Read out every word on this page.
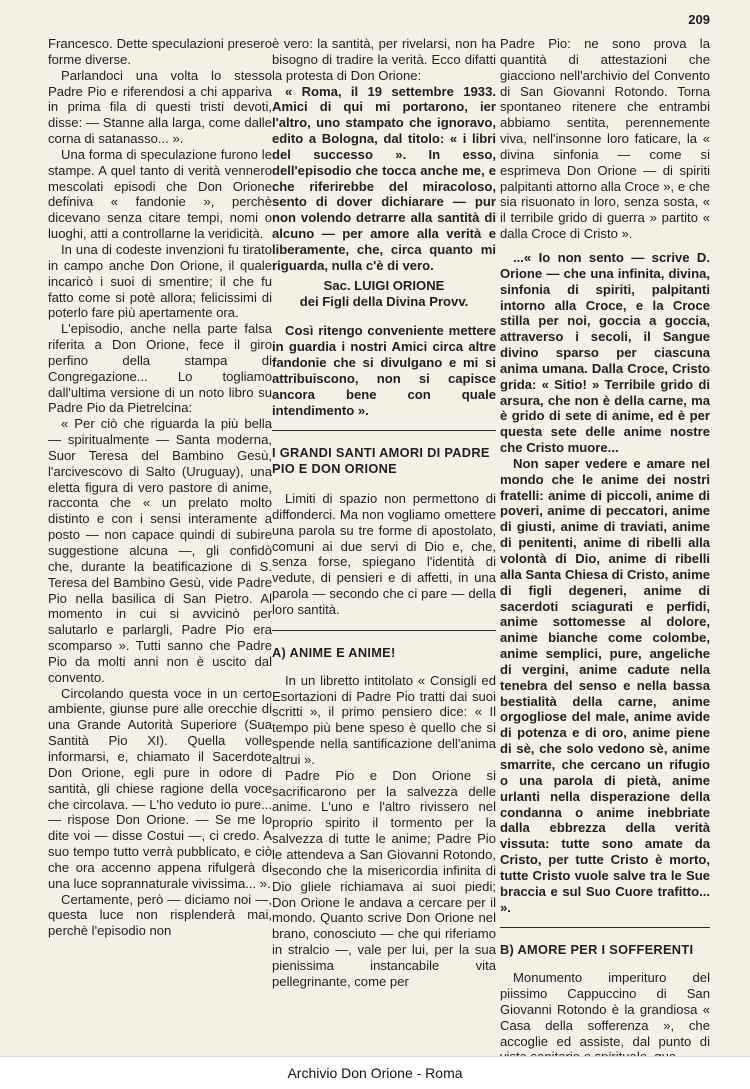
209

Francesco. Dette speculazioni presero forme diverse.

Parlandoci una volta lo stesso Padre Pio e riferendosi a chi appariva in prima fila di questi tristi devoti, disse: — Stanne alla larga, come dalle corna di satanasso... ».

Una forma di speculazione furono le stampe. A quel tanto di verità vennero mescolati episodi che Don Orione definiva « fandonie », perchè dicevano senza citare tempi, nomi o luoghi, atti a controllarne la veridicità.

In una di codeste invenzioni fu tirato in campo anche Don Orione, il quale incaricò i suoi di smentire; il che fu fatto come si potè allora; felicissimi di poterlo fare più apertamente ora.

L'episodio, anche nella parte falsa riferita a Don Orione, fece il giro perfino della stampa di Congregazione... Lo togliamo dall'ultima versione di un noto libro su Padre Pio da Pietrelcina:

« Per ciò che riguarda la più bella — spiritualmente — Santa moderna, Suor Teresa del Bambino Gesù, l'arcivescovo di Salto (Uruguay), una eletta figura di vero pastore di anime, racconta che « un prelato molto distinto e con i sensi interamente a posto — non capace quindi di subire suggestione alcuna —, gli confidò che, durante la beatificazione di S. Teresa del Bambino Gesù, vide Padre Pio nella basilica di San Pietro. Al momento in cui si avvicinò per salutarlo e parlargli, Padre Pio era scomparso ». Tutti sanno che Padre Pio da molti anni non è uscito dal convento.

Circolando questa voce in un certo ambiente, giunse pure alle orecchie di una Grande Autorità Superiore (Sua Santità Pio XI). Quella volle informarsi, e, chiamato il Sacerdote Don Orione, egli pure in odore di santità, gli chiese ragione della voce che circolava. — L'ho veduto io pure... — rispose Don Orione. — Se me lo dite voi — disse Costui —, ci credo. A suo tempo tutto verrà pubblicato, e ciò che ora accenno appena rifulgerà di una luce soprannaturale vivissima... ».

Certamente, però — diciamo noi —, questa luce non risplenderà mai, perchè l'episodio non

è vero: la santità, per rivelarsi, non ha bisogno di tradire la verità. Ecco difatti la protesta di Don Orione:

« Roma, il 19 settembre 1933. Amici di qui mi portarono, ier l'altro, uno stampato che ignoravo, edito a Bologna, dal titolo: « i libri del successo ». In esso, dell'episodio che tocca anche me, e che riferirebbe del miracoloso, sento di dover dichiarare — pur non volendo detrarre alla santità di alcuno — per amore alla verità e liberamente, che, circa quanto mi riguarda, nulla c'è di vero.

Sac. LUIGI ORIONE

dei Figli della Divina Provv.

Così ritengo conveniente mettere in guardia i nostri Amici circa altre fandonie che si divulgano e mi si attribuiscono, non si capisce ancora bene con quale intendimento ».

I GRANDI SANTI AMORI DI PADRE PIO E DON ORIONE

Limiti di spazio non permettono di diffonderci. Ma non vogliamo omettere una parola su tre forme di apostolato, comuni ai due servi di Dio e, che, senza forse, spiegano l'identità di vedute, di pensieri e di affetti, in una parola — secondo che ci pare — della loro santità.

A) ANIME E ANIME!

In un libretto intitolato « Consigli ed Esortazioni di Padre Pio tratti dai suoi scritti », il primo pensiero dice: « Il tempo più bene speso è quello che si spende nella santificazione dell'anima altrui ».

Padre Pio e Don Orione si sacrificarono per la salvezza delle anime. L'uno e l'altro rivissero nel proprio spirito il tormento per la salvezza di tutte le anime; Padre Pio le attendeva a San Giovanni Rotondo, secondo che la misericordia infinita di Dio gliele richiamava ai suoi piedi; Don Orione le andava a cercare per il mondo. Quanto scrive Don Orione nel brano, conosciuto — che qui riferiamo in stralcio —, vale per lui, per la sua pienissima instancabile vita pellegrinante, come per

Padre Pio: ne sono prova la quantità di attestazioni che giacciono nell'archivio del Convento di San Giovanni Rotondo. Torna spontaneo ritenere che entrambi abbiamo sentita, perennemente viva, nell'insonne loro faticare, la « divina sinfonia — come si esprimeva Don Orione — di spiriti palpitanti attorno alla Croce », e che sia risuonato in loro, senza sosta, « il terribile grido di guerra » partito « dalla Croce di Cristo ».

...« Io non sento — scrive D. Orione — che una infinita, divina, sinfonia di spiriti, palpitanti intorno alla Croce, e la Croce stilla per noi, goccia a goccia, attraverso i secoli, il Sangue divino sparso per ciascuna anima umana. Dalla Croce, Cristo grida: « Sitio! » Terribile grido di arsura, che non è della carne, ma è grido di sete di anime, ed è per questa sete delle anime nostre che Cristo muore...

Non saper vedere e amare nel mondo che le anime dei nostri fratelli: anime di piccoli, anime di poveri, anime di peccatori, anime di giusti, anime di traviati, anime di penitenti, anime di ribelli alla volontà di Dio, anime di ribelli alla Santa Chiesa di Cristo, anime di figli degeneri, anime di sacerdoti sciagurati e perfidi, anime sottomesse al dolore, anime bianche come colombe, anime semplici, pure, angeliche di vergini, anime cadute nella tenebra del senso e nella bassa bestialità della carne, anime orgogliose del male, anime avide di potenza e di oro, anime piene di sè, che solo vedono sè, anime smarrite, che cercano un rifugio o una parola di pietà, anime urlanti nella disperazione della condanna o anime inebbriate dalla ebbrezza della verità vissuta: tutte sono amate da Cristo, per tutte Cristo è morto, tutte Cristo vuole salve tra le Sue braccia e sul Suo Cuore trafitto... ».

B) AMORE PER I SOFFERENTI

Monumento imperituro del piissimo Cappuccino di San Giovanni Rotondo è la grandiosa « Casa della sofferenza », che accoglie ed assiste, dal punto di

Archivio Don Orione - Roma
